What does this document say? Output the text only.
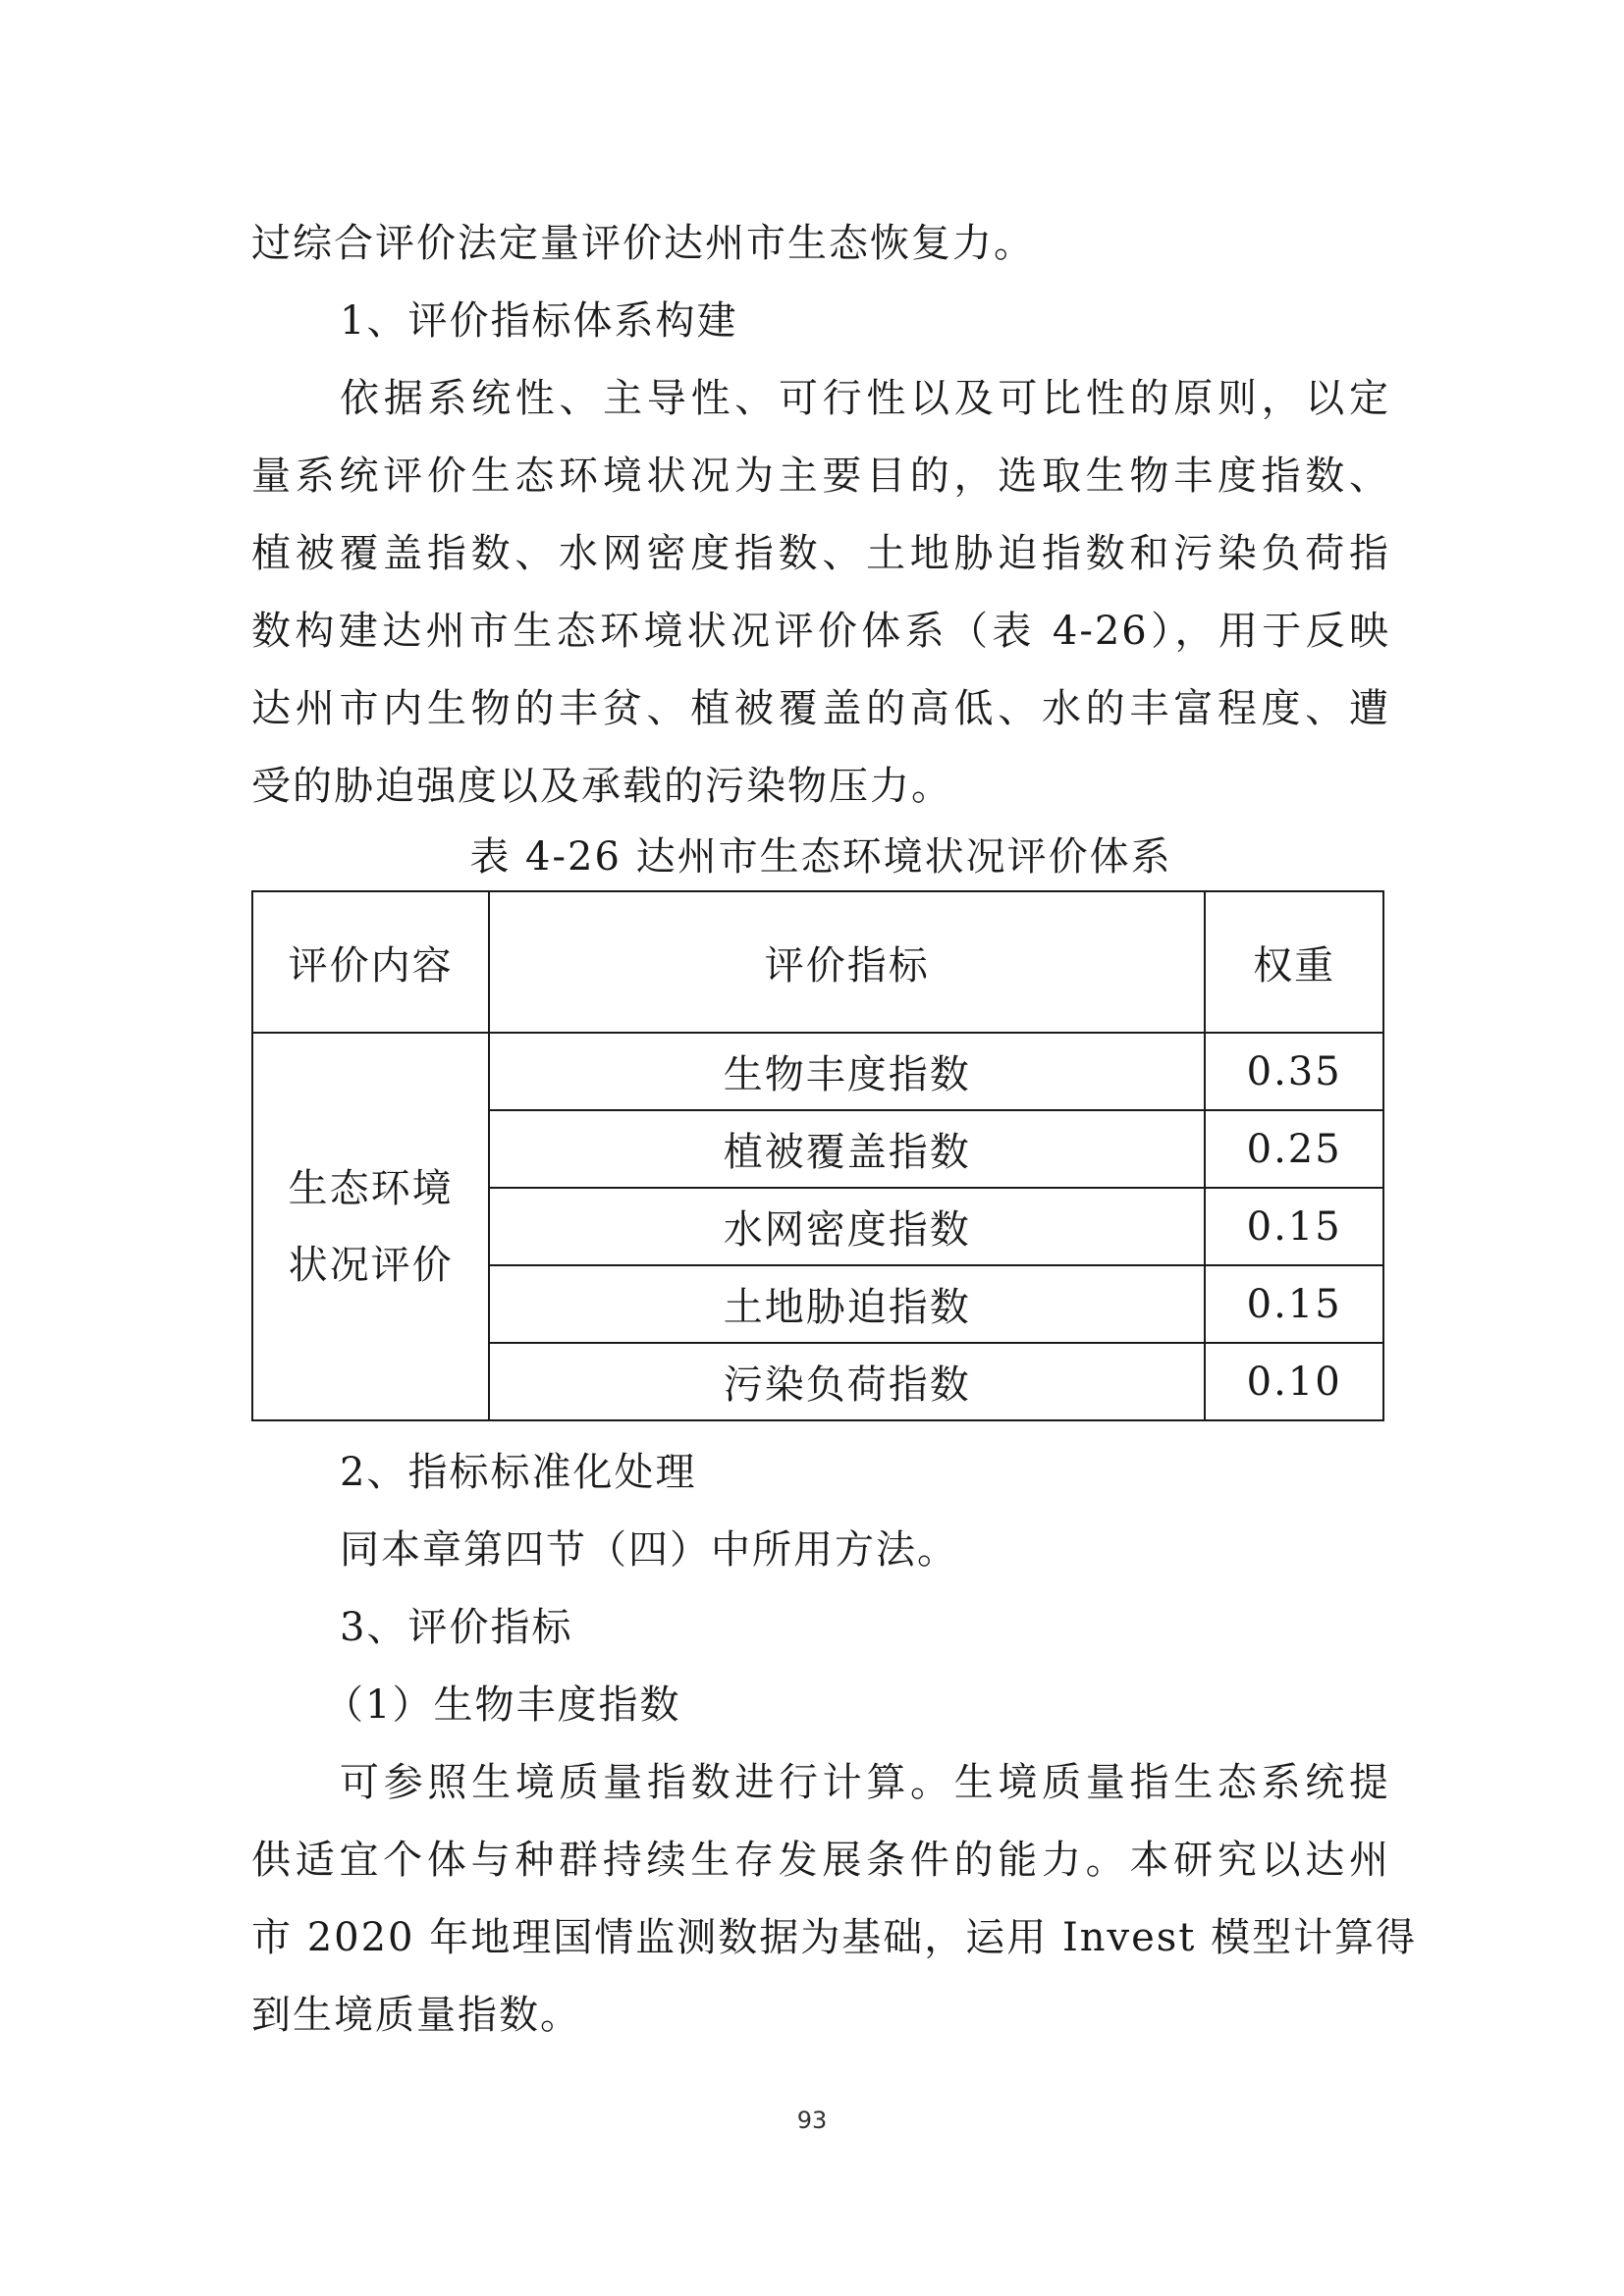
过综合评价法定量评价达州市生态恢复力。
1、评价指标体系构建
依据系统性、主导性、可行性以及可比性的原则，以定
量系统评价生态环境状况为主要目的，选取生物丰度指数、
植被覆盖指数、水网密度指数、土地胁迫指数和污染负荷指
数构建达州市生态环境状况评价体系（表 4-26），用于反映
达州市内生物的丰贫、植被覆盖的高低、水的丰富程度、遭
受的胁迫强度以及承载的污染物压力。
表 4-26 达州市生态环境状况评价体系
评价内容	评价指标	权重

生态环境
状况评价	生物丰度指数	0.35
	植被覆盖指数	0.25
	水网密度指数	0.15
	土地胁迫指数	0.15
	污染负荷指数	0.10
2、指标标准化处理
同本章第四节（四）中所用方法。
3、评价指标
（1）生物丰度指数
可参照生境质量指数进行计算。生境质量指生态系统提
供适宜个体与种群持续生存发展条件的能力。本研究以达州
市 2020 年地理国情监测数据为基础，运用 Invest 模型计算得
到生境质量指数。
93
